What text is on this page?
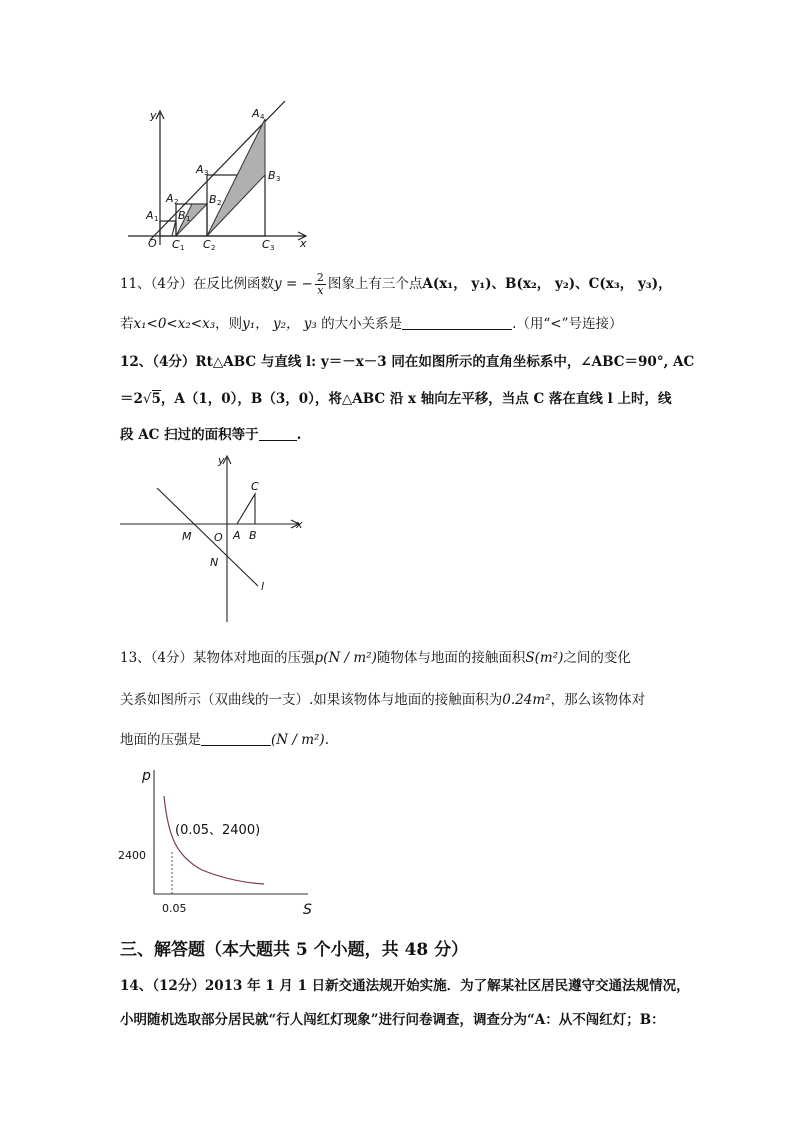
y
x
O
A
A
A
A
B
B
B
C C	C
1
2
3
4
1
2
3
1	2	3
11、（4分）在反比例函数y = − $\frac{2}{x}$ 图象上有三个点A(x₁， y₁)、B(x₂， y₂)、C(x₃， y₃)，
若x₁<0<x₂<x₃，则y₁， y₂， y₃ 的大小关系是	.（用“<”号连接）
12、（4分）Rt△ABC 与直线 l: y＝－x－3 同在如图所示的直角坐标系中，∠ABC＝90°, AC
＝2√5，A（1，0），B（3，0），将△ABC 沿 x 轴向左平移，当点 C 落在直线 l 上时，线
段 AC 扫过的面积等于	.
y
x
C
M O A B
N
l
13、（4分）某物体对地面的压强p(N / m²)随物体与地面的接触面积S(m²)之间的变化
关系如图所示（双曲线的一支）.如果该物体与地面的接触面积为0.24m²，那么该物体对
地面的压强是	(N / m²).
p
(0.05、2400)
2400
0.05	S
三、解答题（本大题共 5 个小题，共 48 分）
14、（12分）2013 年 1 月 1 日新交通法规开始实施．为了解某社区居民遵守交通法规情况，
小明随机选取部分居民就“行人闯红灯现象”进行问卷调查，调查分为“A：从不闯红灯；B：
